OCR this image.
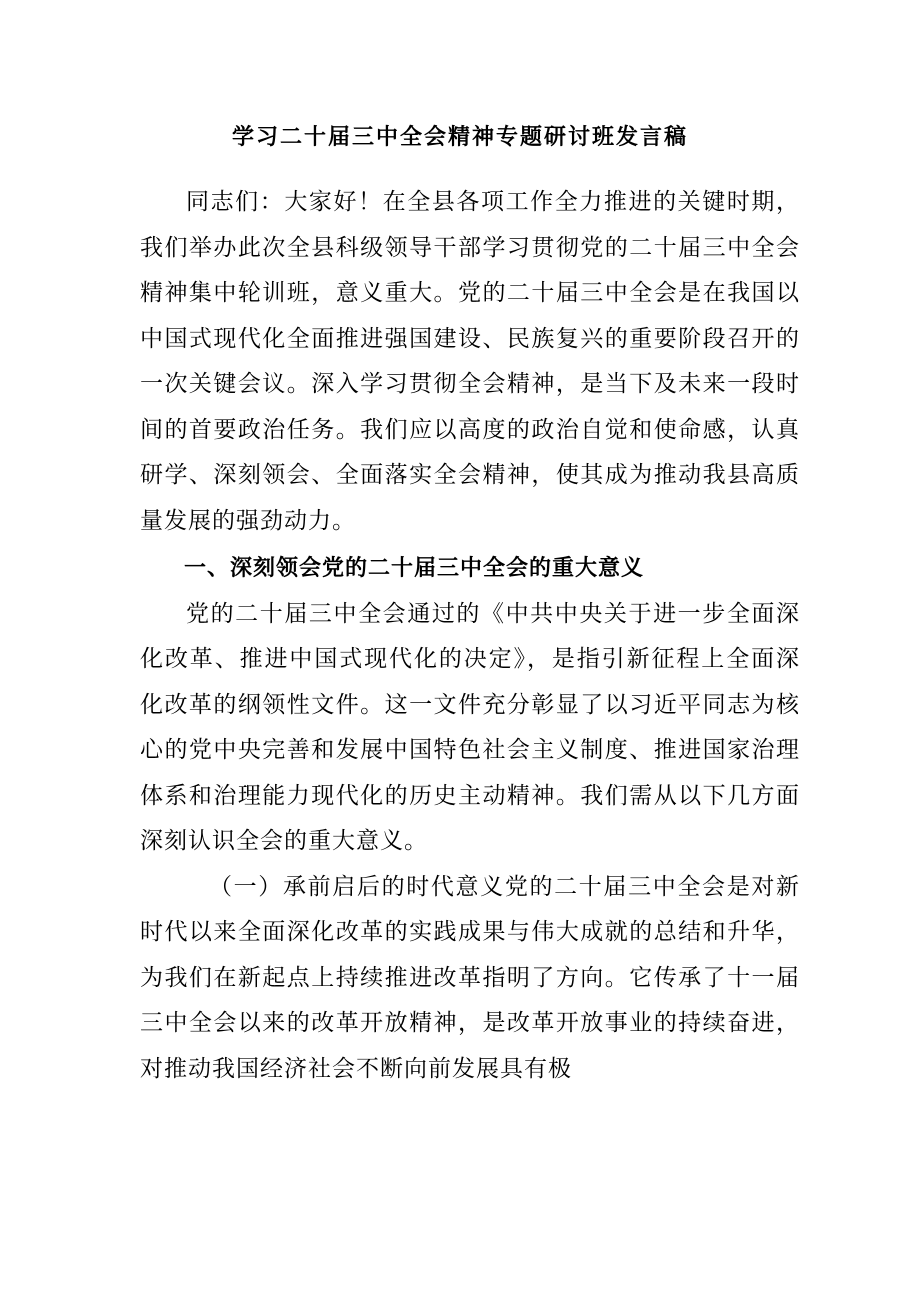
学习二十届三中全会精神专题研讨班发言稿

同志们：大家好！在全县各项工作全力推进的关键时期，我们举办此次全县科级领导干部学习贯彻党的二十届三中全会精神集中轮训班，意义重大。党的二十届三中全会是在我国以中国式现代化全面推进强国建设、民族复兴的重要阶段召开的一次关键会议。深入学习贯彻全会精神，是当下及未来一段时间的首要政治任务。我们应以高度的政治自觉和使命感，认真研学、深刻领会、全面落实全会精神，使其成为推动我县高质量发展的强劲动力。

一、深刻领会党的二十届三中全会的重大意义

党的二十届三中全会通过的《中共中央关于进一步全面深化改革、推进中国式现代化的决定》，是指引新征程上全面深化改革的纲领性文件。这一文件充分彰显了以习近平同志为核心的党中央完善和发展中国特色社会主义制度、推进国家治理体系和治理能力现代化的历史主动精神。我们需从以下几方面深刻认识全会的重大意义。

（一）承前启后的时代意义党的二十届三中全会是对新时代以来全面深化改革的实践成果与伟大成就的总结和升华，为我们在新起点上持续推进改革指明了方向。它传承了十一届三中全会以来的改革开放精神，是改革开放事业的持续奋进，对推动我国经济社会不断向前发展具有极
